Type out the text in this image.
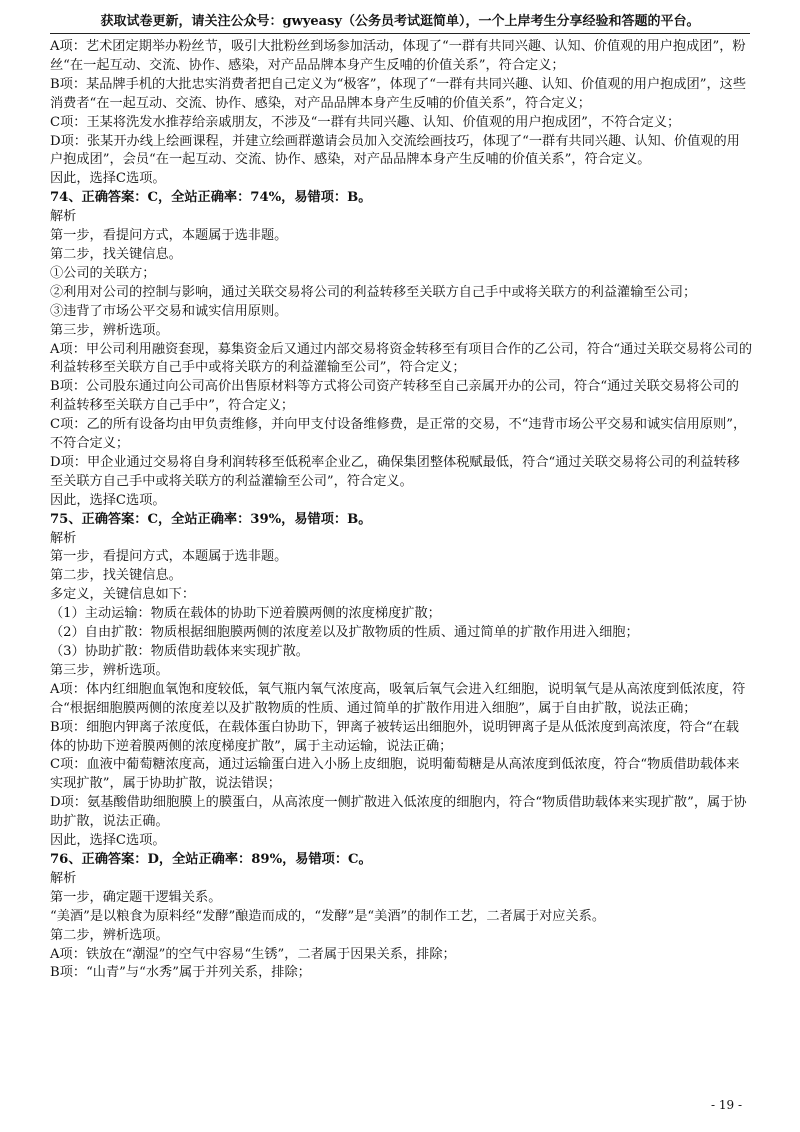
获取试卷更新，请关注公众号：gwyeasy（公务员考试逛简单），一个上岸考生分享经验和答题的平台。

A项：艺术团定期举办粉丝节，吸引大批粉丝到场参加活动，体现了“一群有共同兴趣、认知、价值观的用户抱成团”，粉丝“在一起互动、交流、协作、感染，对产品品牌本身产生反哺的价值关系”，符合定义；

B项：某品牌手机的大批忠实消费者把自己定义为“极客”，体现了“一群有共同兴趣、认知、价值观的用户抱成团”，这些消费者“在一起互动、交流、协作、感染，对产品品牌本身产生反哺的价值关系”，符合定义；

C项：王某将洗发水推荐给亲戚朋友，不涉及“一群有共同兴趣、认知、价值观的用户抱成团”，不符合定义；

D项：张某开办线上绘画课程，并建立绘画群邀请会员加入交流绘画技巧，体现了“一群有共同兴趣、认知、价值观的用户抱成团”，会员“在一起互动、交流、协作、感染，对产品品牌本身产生反哺的价值关系”，符合定义。

因此，选择C选项。

74、正确答案：C，全站正确率：74%，易错项：B。

解析

第一步，看提问方式，本题属于选非题。

第二步，找关键信息。

①公司的关联方；

②利用对公司的控制与影响，通过关联交易将公司的利益转移至关联方自己手中或将关联方的利益灌输至公司；

③违背了市场公平交易和诚实信用原则。

第三步，辨析选项。

A项：甲公司利用融资套现，募集资金后又通过内部交易将资金转移至有项目合作的乙公司，符合“通过关联交易将公司的利益转移至关联方自己手中或将关联方的利益灌输至公司”，符合定义；

B项：公司股东通过向公司高价出售原材料等方式将公司资产转移至自己亲属开办的公司，符合“通过关联交易将公司的利益转移至关联方自己手中”，符合定义；

C项：乙的所有设备均由甲负责维修，并向甲支付设备维修费，是正常的交易，不“违背市场公平交易和诚实信用原则”，不符合定义；

D项：甲企业通过交易将自身利润转移至低税率企业乙，确保集团整体税赋最低，符合“通过关联交易将公司的利益转移至关联方自己手中或将关联方的利益灌输至公司”，符合定义。

因此，选择C选项。

75、正确答案：C，全站正确率：39%，易错项：B。

解析

第一步，看提问方式，本题属于选非题。

第二步，找关键信息。

多定义，关键信息如下：

（1）主动运输：物质在载体的协助下逆着膜两侧的浓度梯度扩散；

（2）自由扩散：物质根据细胞膜两侧的浓度差以及扩散物质的性质、通过简单的扩散作用进入细胞；

（3）协助扩散：物质借助载体来实现扩散。

第三步，辨析选项。

A项：体内红细胞血氧饱和度较低，氧气瓶内氧气浓度高，吸氧后氧气会进入红细胞，说明氧气是从高浓度到低浓度，符合“根据细胞膜两侧的浓度差以及扩散物质的性质、通过简单的扩散作用进入细胞”，属于自由扩散，说法正确；

B项：细胞内钾离子浓度低，在载体蛋白协助下，钾离子被转运出细胞外，说明钾离子是从低浓度到高浓度，符合“在载体的协助下逆着膜两侧的浓度梯度扩散”，属于主动运输，说法正确；

C项：血液中葡萄糖浓度高，通过运输蛋白进入小肠上皮细胞，说明葡萄糖是从高浓度到低浓度，符合“物质借助载体来实现扩散”，属于协助扩散，说法错误；

D项：氨基酸借助细胞膜上的膜蛋白，从高浓度一侧扩散进入低浓度的细胞内，符合“物质借助载体来实现扩散”，属于协助扩散，说法正确。

因此，选择C选项。

76、正确答案：D，全站正确率：89%，易错项：C。

解析

第一步，确定题干逻辑关系。

“美酒”是以粮食为原料经“发酵”酿造而成的，“发酵”是“美酒”的制作工艺，二者属于对应关系。

第二步，辨析选项。

A项：铁放在“潮湿”的空气中容易“生锈”，二者属于因果关系，排除；

B项：“山青”与“水秀”属于并列关系，排除；

- 19 -
